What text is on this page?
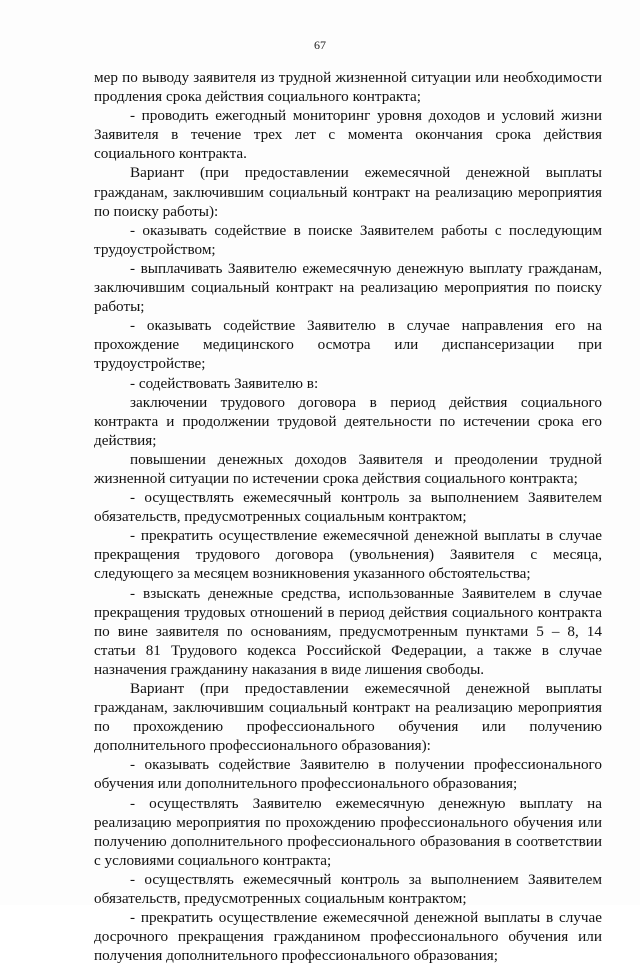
67

мер по выводу заявителя из трудной жизненной ситуации или необходимости продления срока действия социального контракта;

- проводить ежегодный мониторинг уровня доходов и условий жизни Заявителя в течение трех лет с момента окончания срока действия социального контракта.

Вариант (при предоставлении ежемесячной денежной выплаты гражданам, заключившим социальный контракт на реализацию мероприятия по поиску работы):

- оказывать содействие в поиске Заявителем работы с последующим трудоустройством;

- выплачивать Заявителю ежемесячную денежную выплату гражданам, заключившим социальный контракт на реализацию мероприятия по поиску работы;

- оказывать содействие Заявителю в случае направления его на прохождение медицинского осмотра или диспансеризации при трудоустройстве;

- содействовать Заявителю в:

заключении трудового договора в период действия социального контракта и продолжении трудовой деятельности по истечении срока его действия;

повышении денежных доходов Заявителя и преодолении трудной жизненной ситуации по истечении срока действия социального контракта;

- осуществлять ежемесячный контроль за выполнением Заявителем обязательств, предусмотренных социальным контрактом;

- прекратить осуществление ежемесячной денежной выплаты в случае прекращения трудового договора (увольнения) Заявителя с месяца, следующего за месяцем возникновения указанного обстоятельства;

- взыскать денежные средства, использованные Заявителем в случае прекращения трудовых отношений в период действия социального контракта по вине заявителя по основаниям, предусмотренным пунктами 5 – 8, 14 статьи 81 Трудового кодекса Российской Федерации, а также в случае назначения гражданину наказания в виде лишения свободы.

Вариант (при предоставлении ежемесячной денежной выплаты гражданам, заключившим социальный контракт на реализацию мероприятия по прохождению профессионального обучения или получению дополнительного профессионального образования):

- оказывать содействие Заявителю в получении профессионального обучения или дополнительного профессионального образования;

- осуществлять Заявителю ежемесячную денежную выплату на реализацию мероприятия по прохождению профессионального обучения или получению дополнительного профессионального образования в соответствии с условиями социального контракта;

- осуществлять ежемесячный контроль за выполнением Заявителем обязательств, предусмотренных социальным контрактом;

- прекратить осуществление ежемесячной денежной выплаты в случае досрочного прекращения гражданином профессионального обучения или получения дополнительного профессионального образования;
